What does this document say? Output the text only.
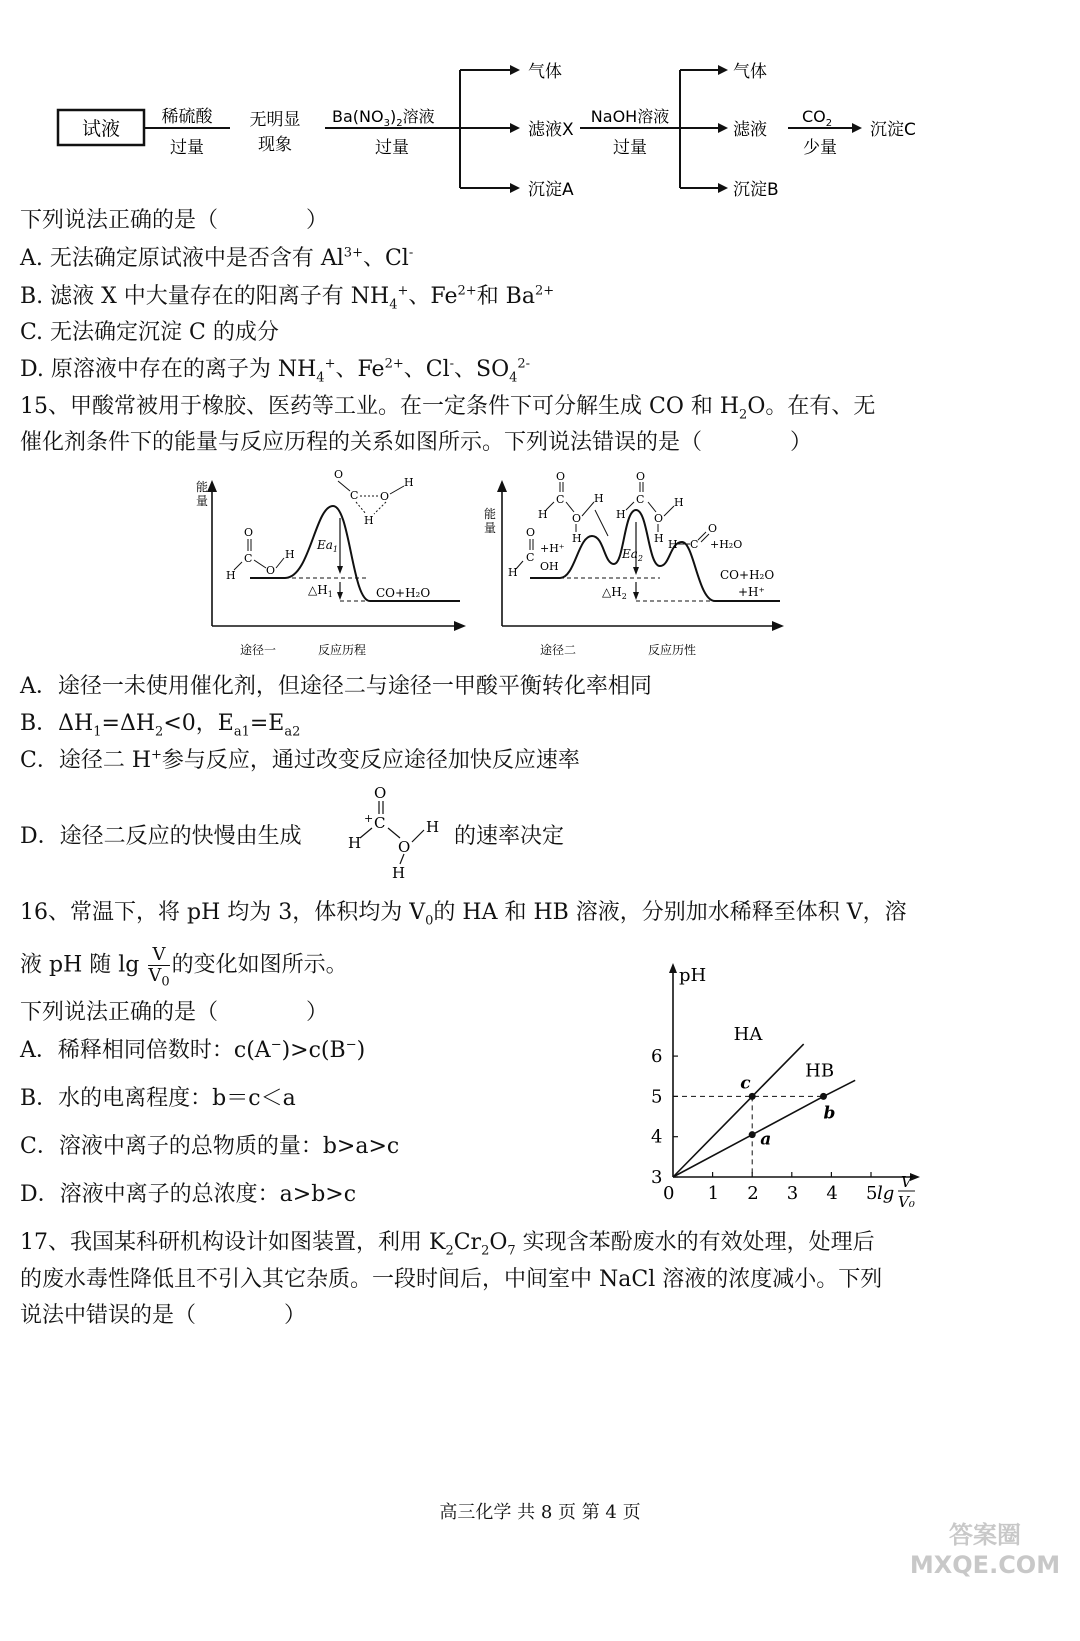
试液
稀硫酸
过量
无明显
现象
$Ba(NO_3)_2$溶液
过量
气体
滤液X
沉淀A
NaOH溶液
过量
气体
滤液
沉淀B
$CO_2$
少量
沉淀C
下列说法正确的是（　　　　）
A. 无法确定原试液中是否含有 $Al^{3+}$、Cl-
B. 滤液 X 中大量存在的阳离子有 $NH_4^+$、$Fe^{2+}$和 $Ba^{2+}$
C. 无法确定沉淀 C 的成分
D. 原溶液中存在的离子为 $NH_4^+$、$Fe^{2+}$、Cl-、$SO_4^{2-}$
15、甲酸常被用于橡胶、医药等工业。在一定条件下可分解生成 CO 和 $H_2O$。在有、无
催化剂条件下的能量与反应历程的关系如图所示。下列说法错误的是（　　　　）
能
量
$Ea_1$
$\triangle H_1$	CO+H₂O
O
C
H	O
H
O
C O
H
H
途径一	反应历程
能
量
$Ea_2$
$\triangle H_2$
CO+H₂O
+H⁺
O
C
+H⁺
OH
H
O
C
H O
H
H
O
C
H	O
H
H H C
O
+H₂O
途径二	反应历性
A．途径一未使用催化剂，但途径二与途径一甲酸平衡转化率相同
B．$\Delta H_1=\Delta H_2<0$，$E_{a1}=E_{a2}$
C．途径二 H+参与反应，通过改变反应途径加快反应速率
D．途径二反应的快慢由生成
O
C
+
H O
H
H
的速率决定
16、常温下，将 pH 均为 3，体积均为 $V_0$的 HA 和 HB 溶液，分别加水稀释至体积 V，溶
液 pH 随 $\lg \frac{V}{V_0}$ 的变化如图所示。
下列说法正确的是（　　　　）
A．稀释相同倍数时：c(A−)>c(B−)
B．水的电离程度：b＝c＜a
C．溶液中离子的总物质的量：b>a>c
D．溶液中离子的总浓度：a>b>c
pH
0 1 2 3 4 5
3
4
5
6
lg
V
V₀
HA
HB
c
a
b
17、我国某科研机构设计如图装置，利用 $K_2Cr_2O_7$ 实现含苯酚废水的有效处理，处理后
的废水毒性降低且不引入其它杂质。一段时间后，中间室中 NaCl 溶液的浓度减小。下列
说法中错误的是（　　　　）
高三化学 共 8 页 第 4 页
答案圈 MXQE.COM
